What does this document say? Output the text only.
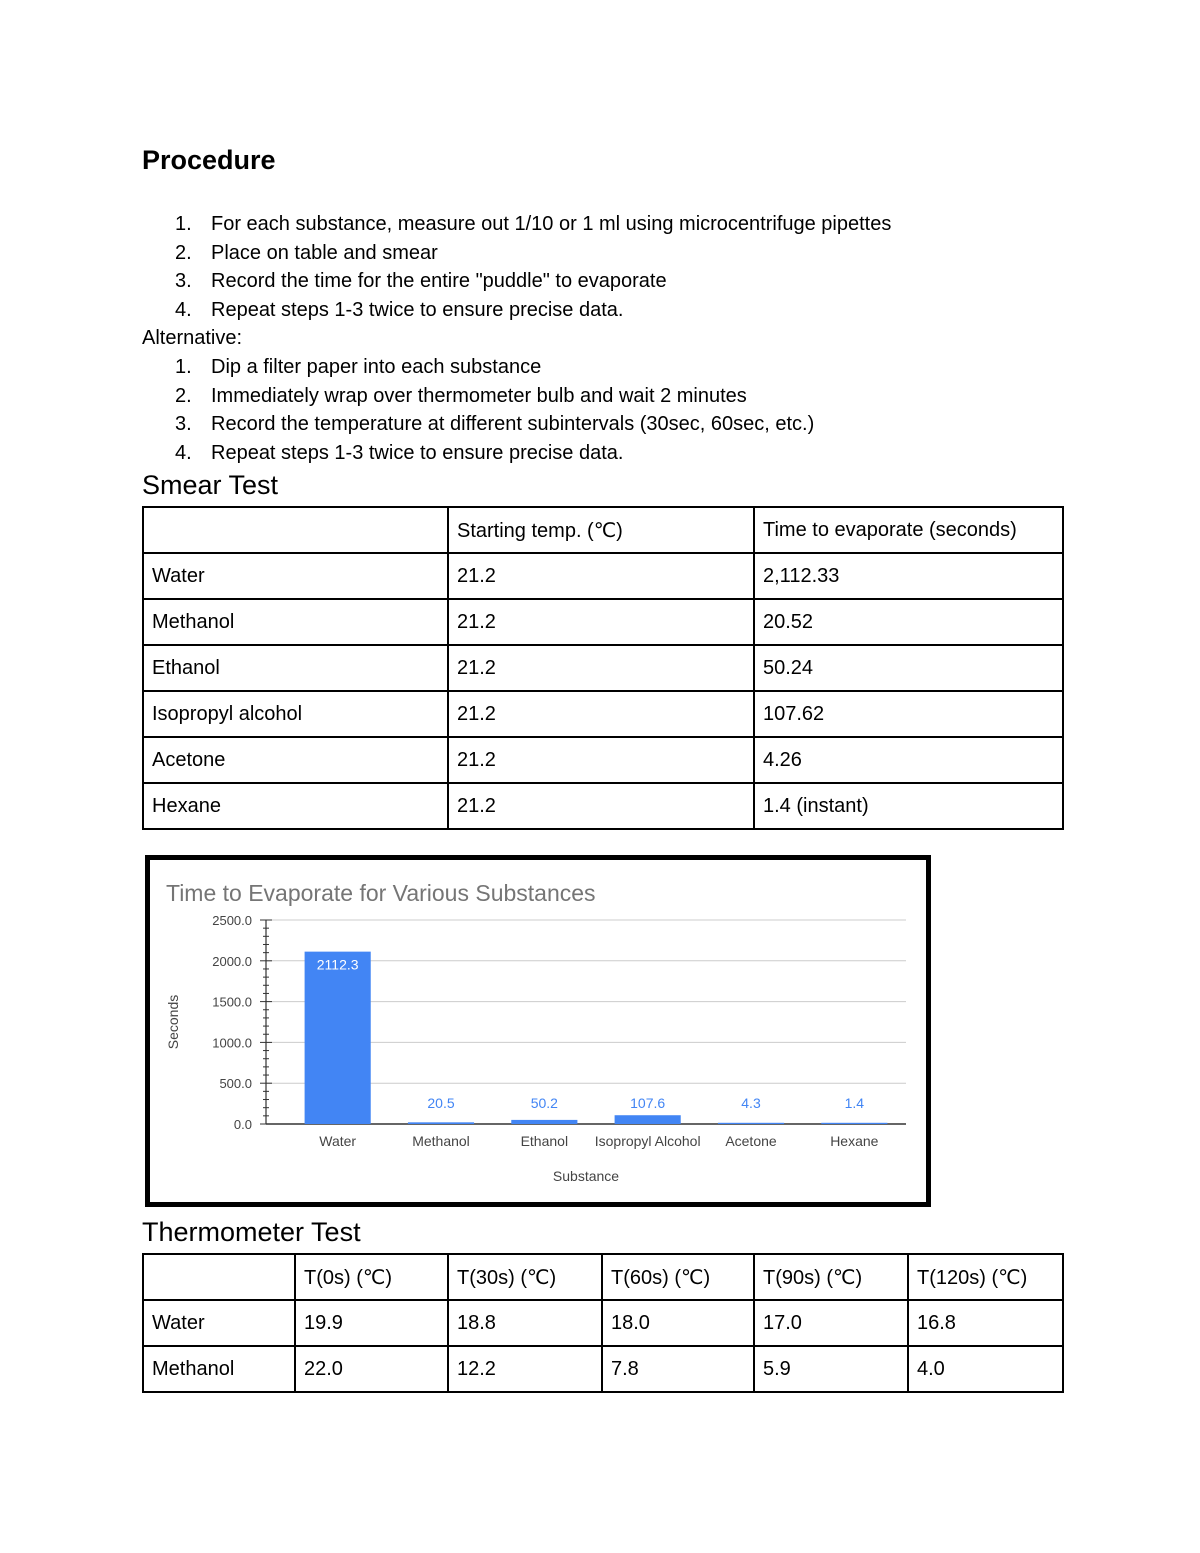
Procedure
1. For each substance, measure out 1/10 or 1 ml using microcentrifuge pipettes
2. Place on table and smear
3. Record the time for the entire "puddle" to evaporate
4. Repeat steps 1-3 twice to ensure precise data.
Alternative:
1. Dip a filter paper into each substance
2. Immediately wrap over thermometer bulb and wait 2 minutes
3. Record the temperature at different subintervals (30sec, 60sec, etc.)
4. Repeat steps 1-3 twice to ensure precise data.
Smear Test
	Starting temp. (℃)	Time to evaporate (seconds)
Water	21.2	2,112.33
Methanol	21.2	20.52
Ethanol	21.2	50.24
Isopropyl alcohol	21.2	107.62
Acetone	21.2	4.26
Hexane	21.2	1.4 (instant)
Time to Evaporate for Various Substances
Seconds
Substance
0.0
500.0
1000.0
1500.0
2000.0
2500.0
2112.3
20.5	50.2	107.6	4.3	1.4
Water	Methanol	Ethanol Isopropyl Alcohol Acetone	Hexane
Thermometer Test
	T(0s) (℃)	T(30s) (℃)	T(60s) (℃)	T(90s) (℃)	T(120s) (℃)
Water	19.9	18.8	18.0	17.0	16.8
Methanol	22.0	12.2	7.8	5.9	4.0
